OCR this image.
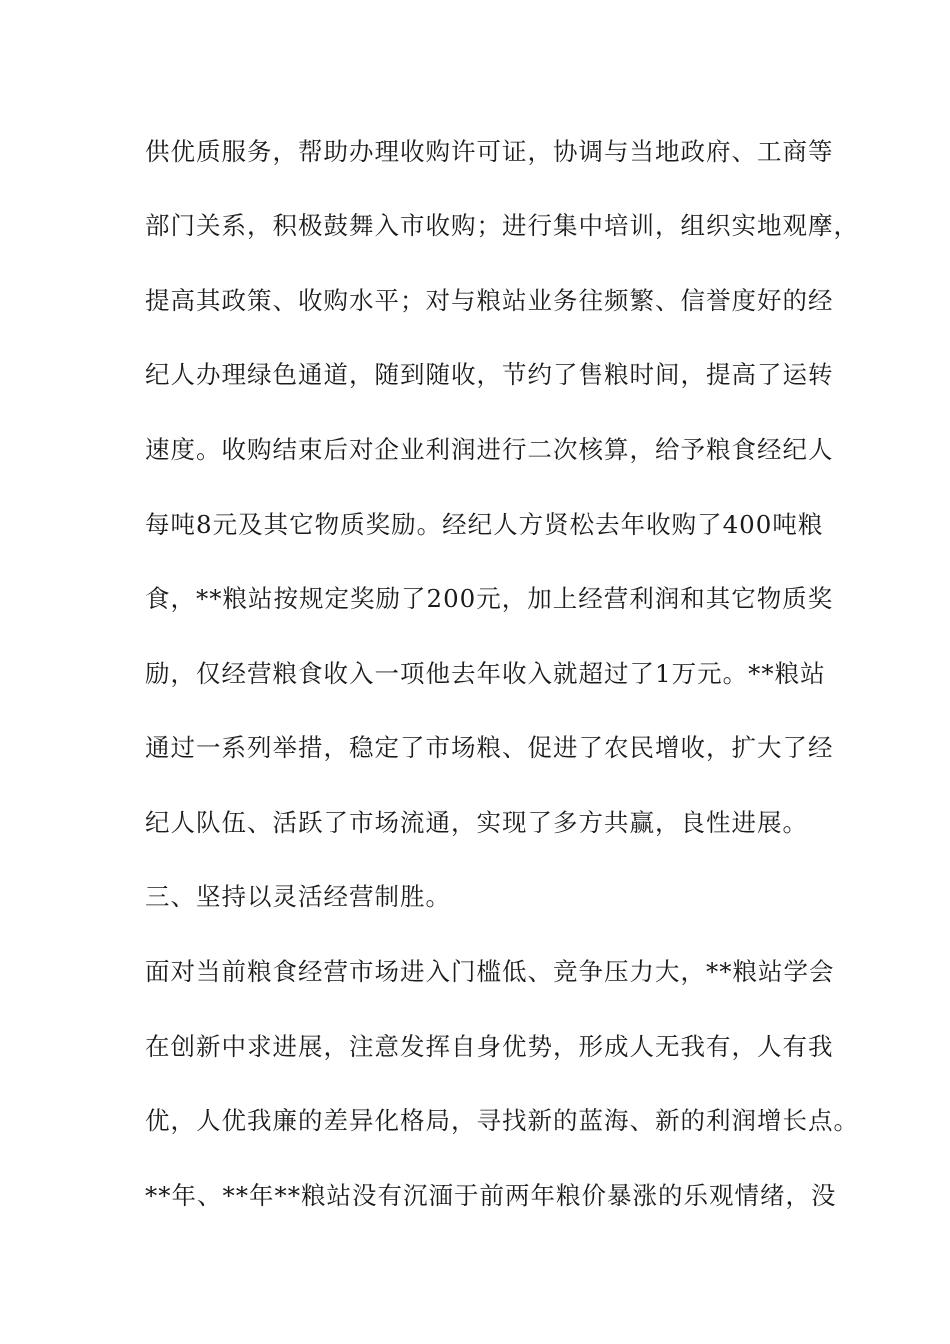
供优质服务，帮助办理收购许可证，协调与当地政府、工商等
部门关系，积极鼓舞入市收购；进行集中培训，组织实地观摩，
提高其政策、收购水平；对与粮站业务往频繁、信誉度好的经
纪人办理绿色通道，随到随收，节约了售粮时间，提高了运转
速度。收购结束后对企业利润进行二次核算，给予粮食经纪人
每吨8元及其它物质奖励。经纪人方贤松去年收购了400吨粮
食，**粮站按规定奖励了200元，加上经营利润和其它物质奖
励，仅经营粮食收入一项他去年收入就超过了1万元。**粮站
通过一系列举措，稳定了市场粮、促进了农民增收，扩大了经
纪人队伍、活跃了市场流通，实现了多方共赢，良性进展。
三、坚持以灵活经营制胜。
面对当前粮食经营市场进入门槛低、竞争压力大，**粮站学会
在创新中求进展，注意发挥自身优势，形成人无我有，人有我
优，人优我廉的差异化格局，寻找新的蓝海、新的利润增长点。
**年、**年**粮站没有沉湎于前两年粮价暴涨的乐观情绪，没
